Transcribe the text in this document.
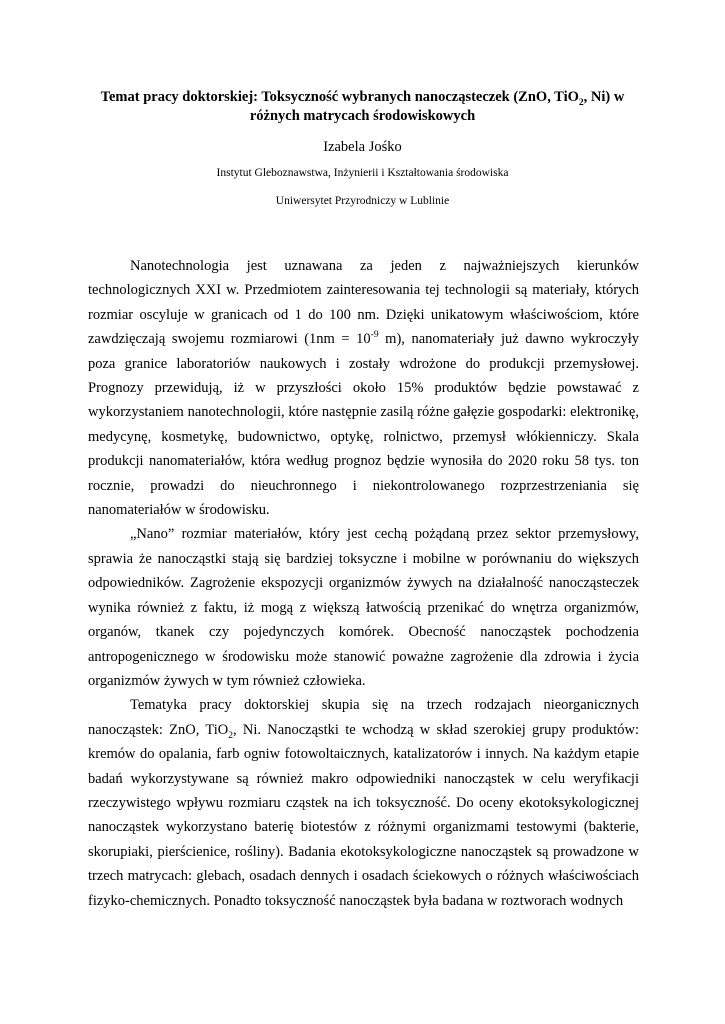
Temat pracy doktorskiej: Toksyczność wybranych nanocząsteczek (ZnO, TiO$_2$, Ni) w
różnych matrycach środowiskowych

Izabela Jośko
Instytut Gleboznawstwa, Inżynierii i Kształtowania środowiska
Uniwersytet Przyrodniczy w Lublinie

Nanotechnologia jest uznawana za jeden z najważniejszych kierunków technologicznych XXI w. Przedmiotem zainteresowania tej technologii są materiały, których rozmiar oscyluje w granicach od 1 do 100 nm. Dzięki unikatowym właściwościom, które zawdzięczają swojemu rozmiarowi ($1nm = 10^{-9}$ m), nanomateriały już dawno wykroczyły poza granice laboratoriów naukowych i zostały wdrożone do produkcji przemysłowej. Prognozy przewidują, iż w przyszłości około 15% produktów będzie powstawać z wykorzystaniem nanotechnologii, które następnie zasilą różne gałęzie gospodarki: elektronikę, medycynę, kosmetykę, budownictwo, optykę, rolnictwo, przemysł włókienniczy. Skala produkcji nanomateriałów, która według prognoz będzie wynosiła do 2020 roku 58 tys. ton rocznie, prowadzi do nieuchronnego i niekontrolowanego rozprzestrzeniania się nanomateriałów w środowisku.

„Nano” rozmiar materiałów, który jest cechą pożądaną przez sektor przemysłowy, sprawia że nanocząstki stają się bardziej toksyczne i mobilne w porównaniu do większych odpowiedników. Zagrożenie ekspozycji organizmów żywych na działalność nanocząsteczek wynika również z faktu, iż mogą z większą łatwością przenikać do wnętrza organizmów, organów, tkanek czy pojedynczych komórek. Obecność nanocząstek pochodzenia antropogenicznego w środowisku może stanowić poważne zagrożenie dla zdrowia i życia organizmów żywych w tym również człowieka.

Tematyka pracy doktorskiej skupia się na trzech rodzajach nieorganicznych nanocząstek: ZnO, TiO$_2$, Ni. Nanocząstki te wchodzą w skład szerokiej grupy produktów: kremów do opalania, farb ogniw fotowoltaicznych, katalizatorów i innych. Na każdym etapie badań wykorzystywane są również makro odpowiedniki nanocząstek w celu weryfikacji rzeczywistego wpływu rozmiaru cząstek na ich toksyczność. Do oceny ekotoksykologicznej nanocząstek wykorzystano baterię biotestów z różnymi organizmami testowymi (bakterie, skorupiaki, pierścienice, rośliny). Badania ekotoksykologiczne nanocząstek są prowadzone w trzech matrycach: glebach, osadach dennych i osadach ściekowych o różnych właściwościach fizyko-chemicznych. Ponadto toksyczność nanocząstek była badana w roztworach wodnych
